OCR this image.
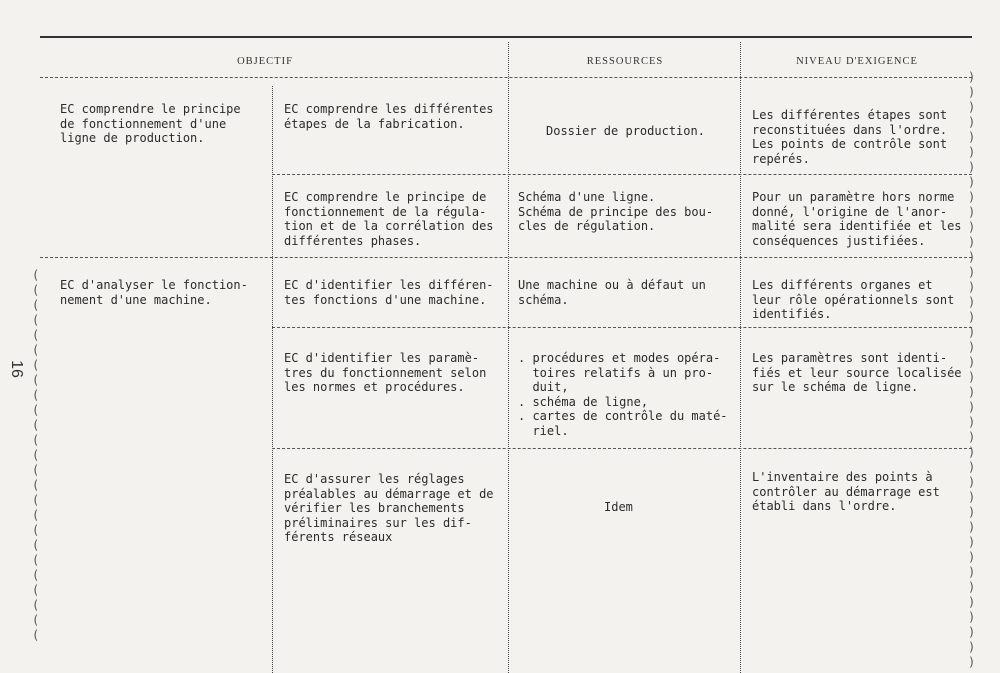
16
OBJECTIF	RESSOURCES	NIVEAU D'EXIGENCE
EC comprendre le principe
de fonctionnement d'une
ligne de production.
EC comprendre les différentes
étapes de la fabrication.
Dossier de production.
Les différentes étapes sont
reconstituées dans l'ordre.
Les points de contrôle sont
repérés.
EC comprendre le principe de
fonctionnement de la régula-
tion et de la corrélation des
différentes phases.
Schéma d'une ligne.
Schéma de principe des bou-
cles de régulation.
Pour un paramètre hors norme
donné, l'origine de l'anor-
malité sera identifiée et les
conséquences justifiées.
EC d'analyser le fonction-
nement d'une machine.
EC d'identifier les différen-
tes fonctions d'une machine.
Une machine ou à défaut un
schéma.
Les différents organes et
leur rôle opérationnels sont
identifiés.
EC d'identifier les paramè-
tres du fonctionnement selon
les normes et procédures.
. procédures et modes opéra-
toires relatifs à un pro-
duit,
. schéma de ligne,
. cartes de contrôle du maté-
riel.
Les paramètres sont identi-
fiés et leur source localisée
sur le schéma de ligne.
EC d'assurer les réglages
préalables au démarrage et de
vérifier les branchements
préliminaires sur les dif-
férents réseaux
Idem
L'inventaire des points à
contrôler au démarrage est
établi dans l'ordre.
)
)
)
)
)
)
)
)
)
)
)
)
)
)
)
)
)
)
)
)
)
)
)
)
)
)
)
)
)
)
)
)
)
)
)
)
)
)
)
)
(
(
(
(
(
(
(
(
(
(
(
(
(
(
(
(
(
(
(
(
(
(
(
(
(
